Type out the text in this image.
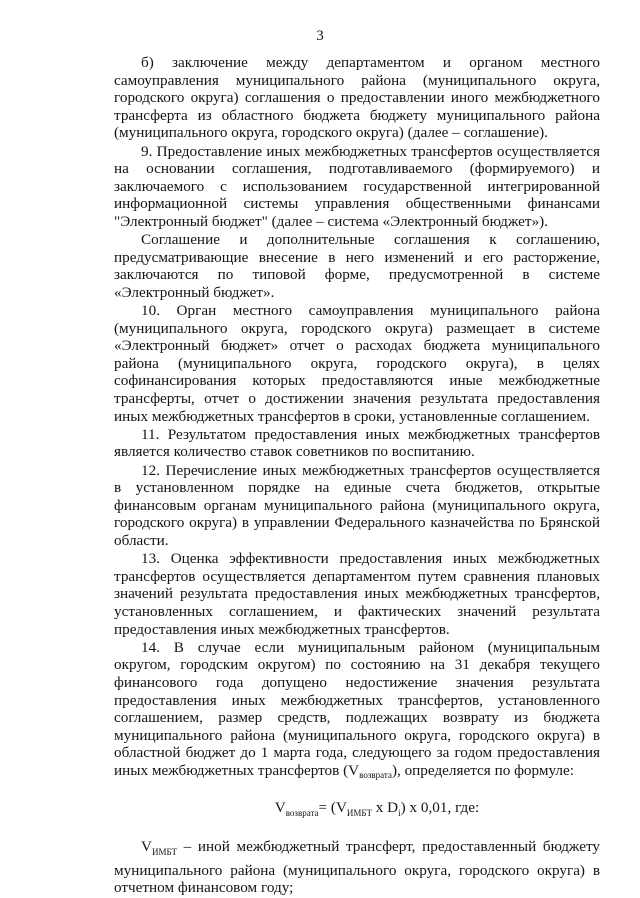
3

б) заключение между департаментом и органом местного самоуправления муниципального района (муниципального округа, городского округа) соглашения о предоставлении иного межбюджетного трансферта из областного бюджета бюджету муниципального района (муниципального округа, городского округа) (далее – соглашение).

9. Предоставление иных межбюджетных трансфертов осуществляется на основании соглашения, подготавливаемого (формируемого) и заключаемого с использованием государственной интегрированной информационной системы управления общественными финансами "Электронный бюджет" (далее – система «Электронный бюджет»).

Соглашение и дополнительные соглашения к соглашению, предусматривающие внесение в него изменений и его расторжение, заключаются по типовой форме, предусмотренной в системе «Электронный бюджет».

10. Орган местного самоуправления муниципального района (муниципального округа, городского округа) размещает в системе «Электронный бюджет» отчет о расходах бюджета муниципального района (муниципального округа, городского округа), в целях софинансирования которых предоставляются иные межбюджетные трансферты, отчет о достижении значения результата предоставления иных межбюджетных трансфертов в сроки, установленные соглашением.

11. Результатом предоставления иных межбюджетных трансфертов является количество ставок советников по воспитанию.

12. Перечисление иных межбюджетных трансфертов осуществляется в установленном порядке на единые счета бюджетов, открытые финансовым органам муниципального района (муниципального округа, городского округа) в управлении Федерального казначейства по Брянской области.

13. Оценка эффективности предоставления иных межбюджетных трансфертов осуществляется департаментом путем сравнения плановых значений результата предоставления иных межбюджетных трансфертов, установленных соглашением, и фактических значений результата предоставления иных межбюджетных трансфертов.

14. В случае если муниципальным районом (муниципальным округом, городским округом) по состоянию на 31 декабря текущего финансового года допущено недостижение значения результата предоставления иных межбюджетных трансфертов, установленного соглашением, размер средств, подлежащих возврату из бюджета муниципального района (муниципального округа, городского округа) в областной бюджет до 1 марта года, следующего за годом предоставления иных межбюджетных трансфертов (Vвозврата), определяется по формуле:

$V_{возврата}= (V_{ИМБТ}$ x $D_i$) x 0,01, где:

$V_{ИМБТ}$ – иной межбюджетный трансферт, предоставленный бюджету муниципального района (муниципального округа, городского округа) в отчетном финансовом году;
